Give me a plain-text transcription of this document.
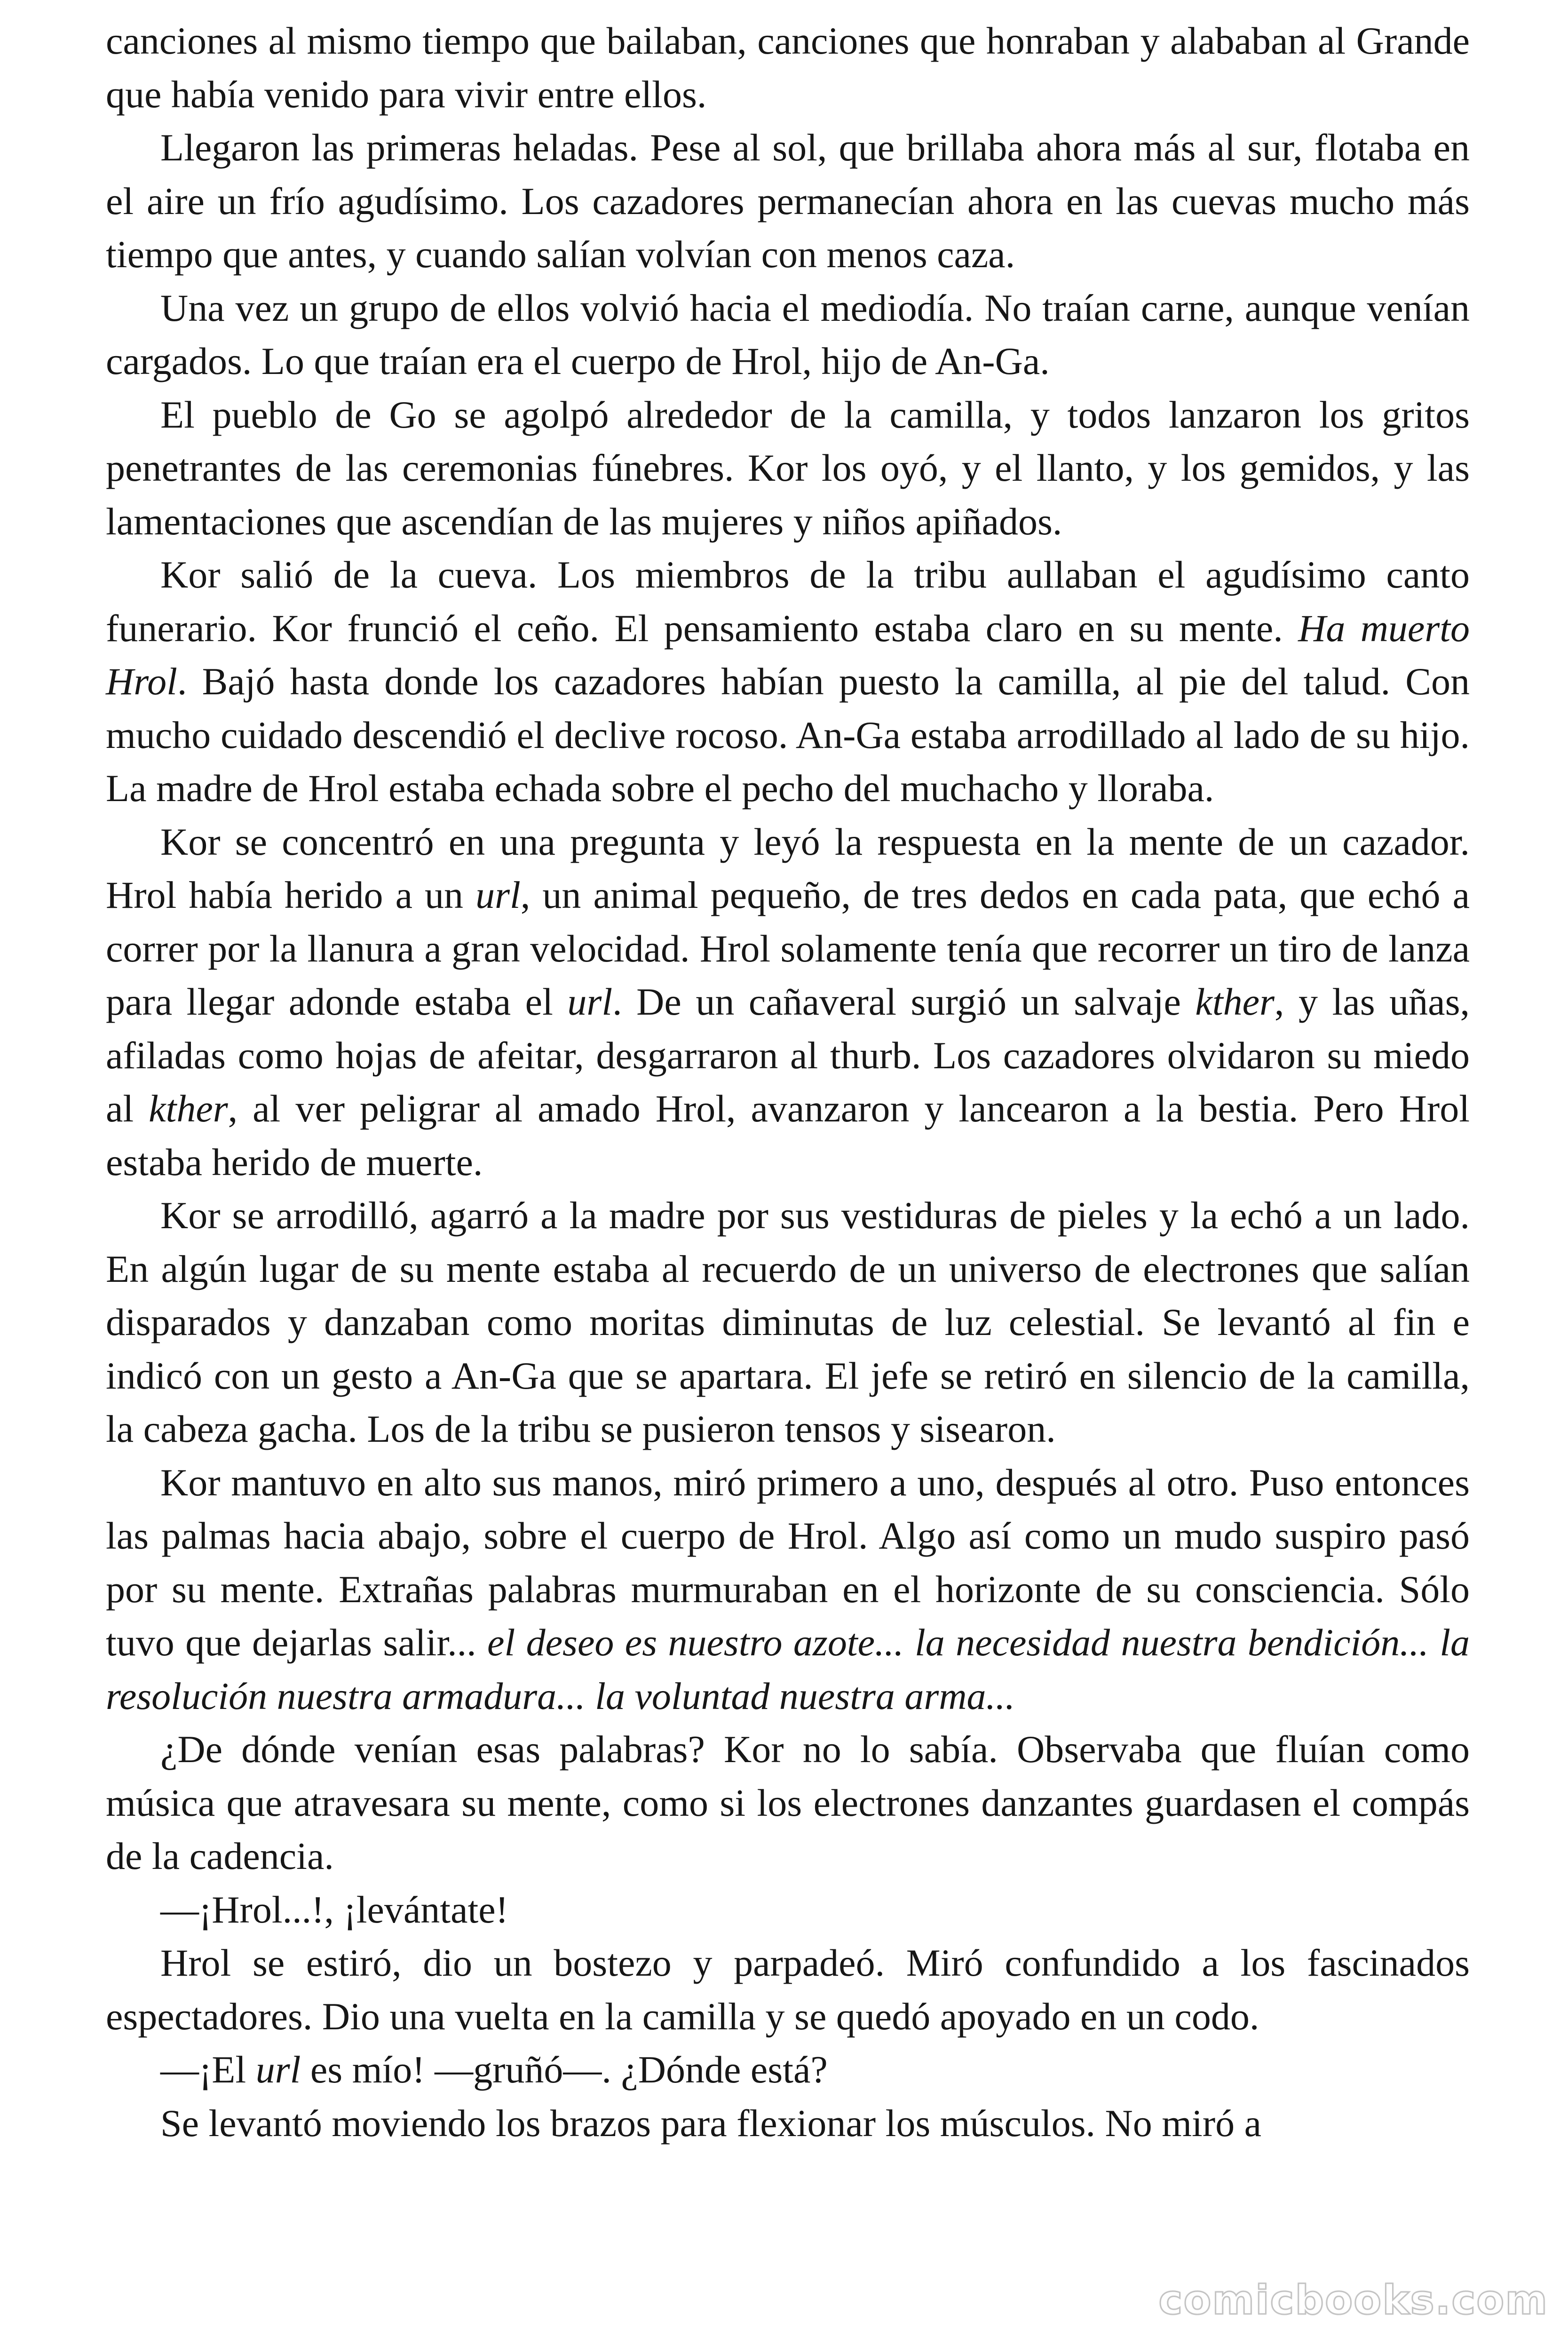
canciones al mismo tiempo que bailaban, canciones que honraban y alababan al Grande que había venido para vivir entre ellos.

Llegaron las primeras heladas. Pese al sol, que brillaba ahora más al sur, flotaba en el aire un frío agudísimo. Los cazadores permanecían ahora en las cuevas mucho más tiempo que antes, y cuando salían volvían con menos caza.

Una vez un grupo de ellos volvió hacia el mediodía. No traían carne, aunque venían cargados. Lo que traían era el cuerpo de Hrol, hijo de An-Ga.

El pueblo de Go se agolpó alrededor de la camilla, y todos lanzaron los gritos penetrantes de las ceremonias fúnebres. Kor los oyó, y el llanto, y los gemidos, y las lamentaciones que ascendían de las mujeres y niños apiñados.

Kor salió de la cueva. Los miembros de la tribu aullaban el agudísimo canto funerario. Kor frunció el ceño. El pensamiento estaba claro en su mente. Ha muerto Hrol. Bajó hasta donde los cazadores habían puesto la camilla, al pie del talud. Con mucho cuidado descendió el declive rocoso. An-Ga estaba arrodillado al lado de su hijo. La madre de Hrol estaba echada sobre el pecho del muchacho y lloraba.

Kor se concentró en una pregunta y leyó la respuesta en la mente de un cazador. Hrol había herido a un url, un animal pequeño, de tres dedos en cada pata, que echó a correr por la llanura a gran velocidad. Hrol solamente tenía que recorrer un tiro de lanza para llegar adonde estaba el url. De un cañaveral surgió un salvaje kther, y las uñas, afiladas como hojas de afeitar, desgarraron al thurb. Los cazadores olvidaron su miedo al kther, al ver peligrar al amado Hrol, avanzaron y lancearon a la bestia. Pero Hrol estaba herido de muerte.

Kor se arrodilló, agarró a la madre por sus vestiduras de pieles y la echó a un lado. En algún lugar de su mente estaba al recuerdo de un universo de electrones que salían disparados y danzaban como moritas diminutas de luz celestial. Se levantó al fin e indicó con un gesto a An-Ga que se apartara. El jefe se retiró en silencio de la camilla, la cabeza gacha. Los de la tribu se pusieron tensos y sisearon.

Kor mantuvo en alto sus manos, miró primero a uno, después al otro. Puso entonces las palmas hacia abajo, sobre el cuerpo de Hrol. Algo así como un mudo suspiro pasó por su mente. Extrañas palabras murmuraban en el horizonte de su consciencia. Sólo tuvo que dejarlas salir... el deseo es nuestro azote... la necesidad nuestra bendición... la resolución nuestra armadura... la voluntad nuestra arma...

¿De dónde venían esas palabras? Kor no lo sabía. Observaba que fluían como música que atravesara su mente, como si los electrones danzantes guardasen el compás de la cadencia.

—¡Hrol...!, ¡levántate!

Hrol se estiró, dio un bostezo y parpadeó. Miró confundido a los fascinados espectadores. Dio una vuelta en la camilla y se quedó apoyado en un codo.

—¡El url es mío! —gruñó—. ¿Dónde está?

Se levantó moviendo los brazos para flexionar los músculos. No miró a

comicbooks.com
